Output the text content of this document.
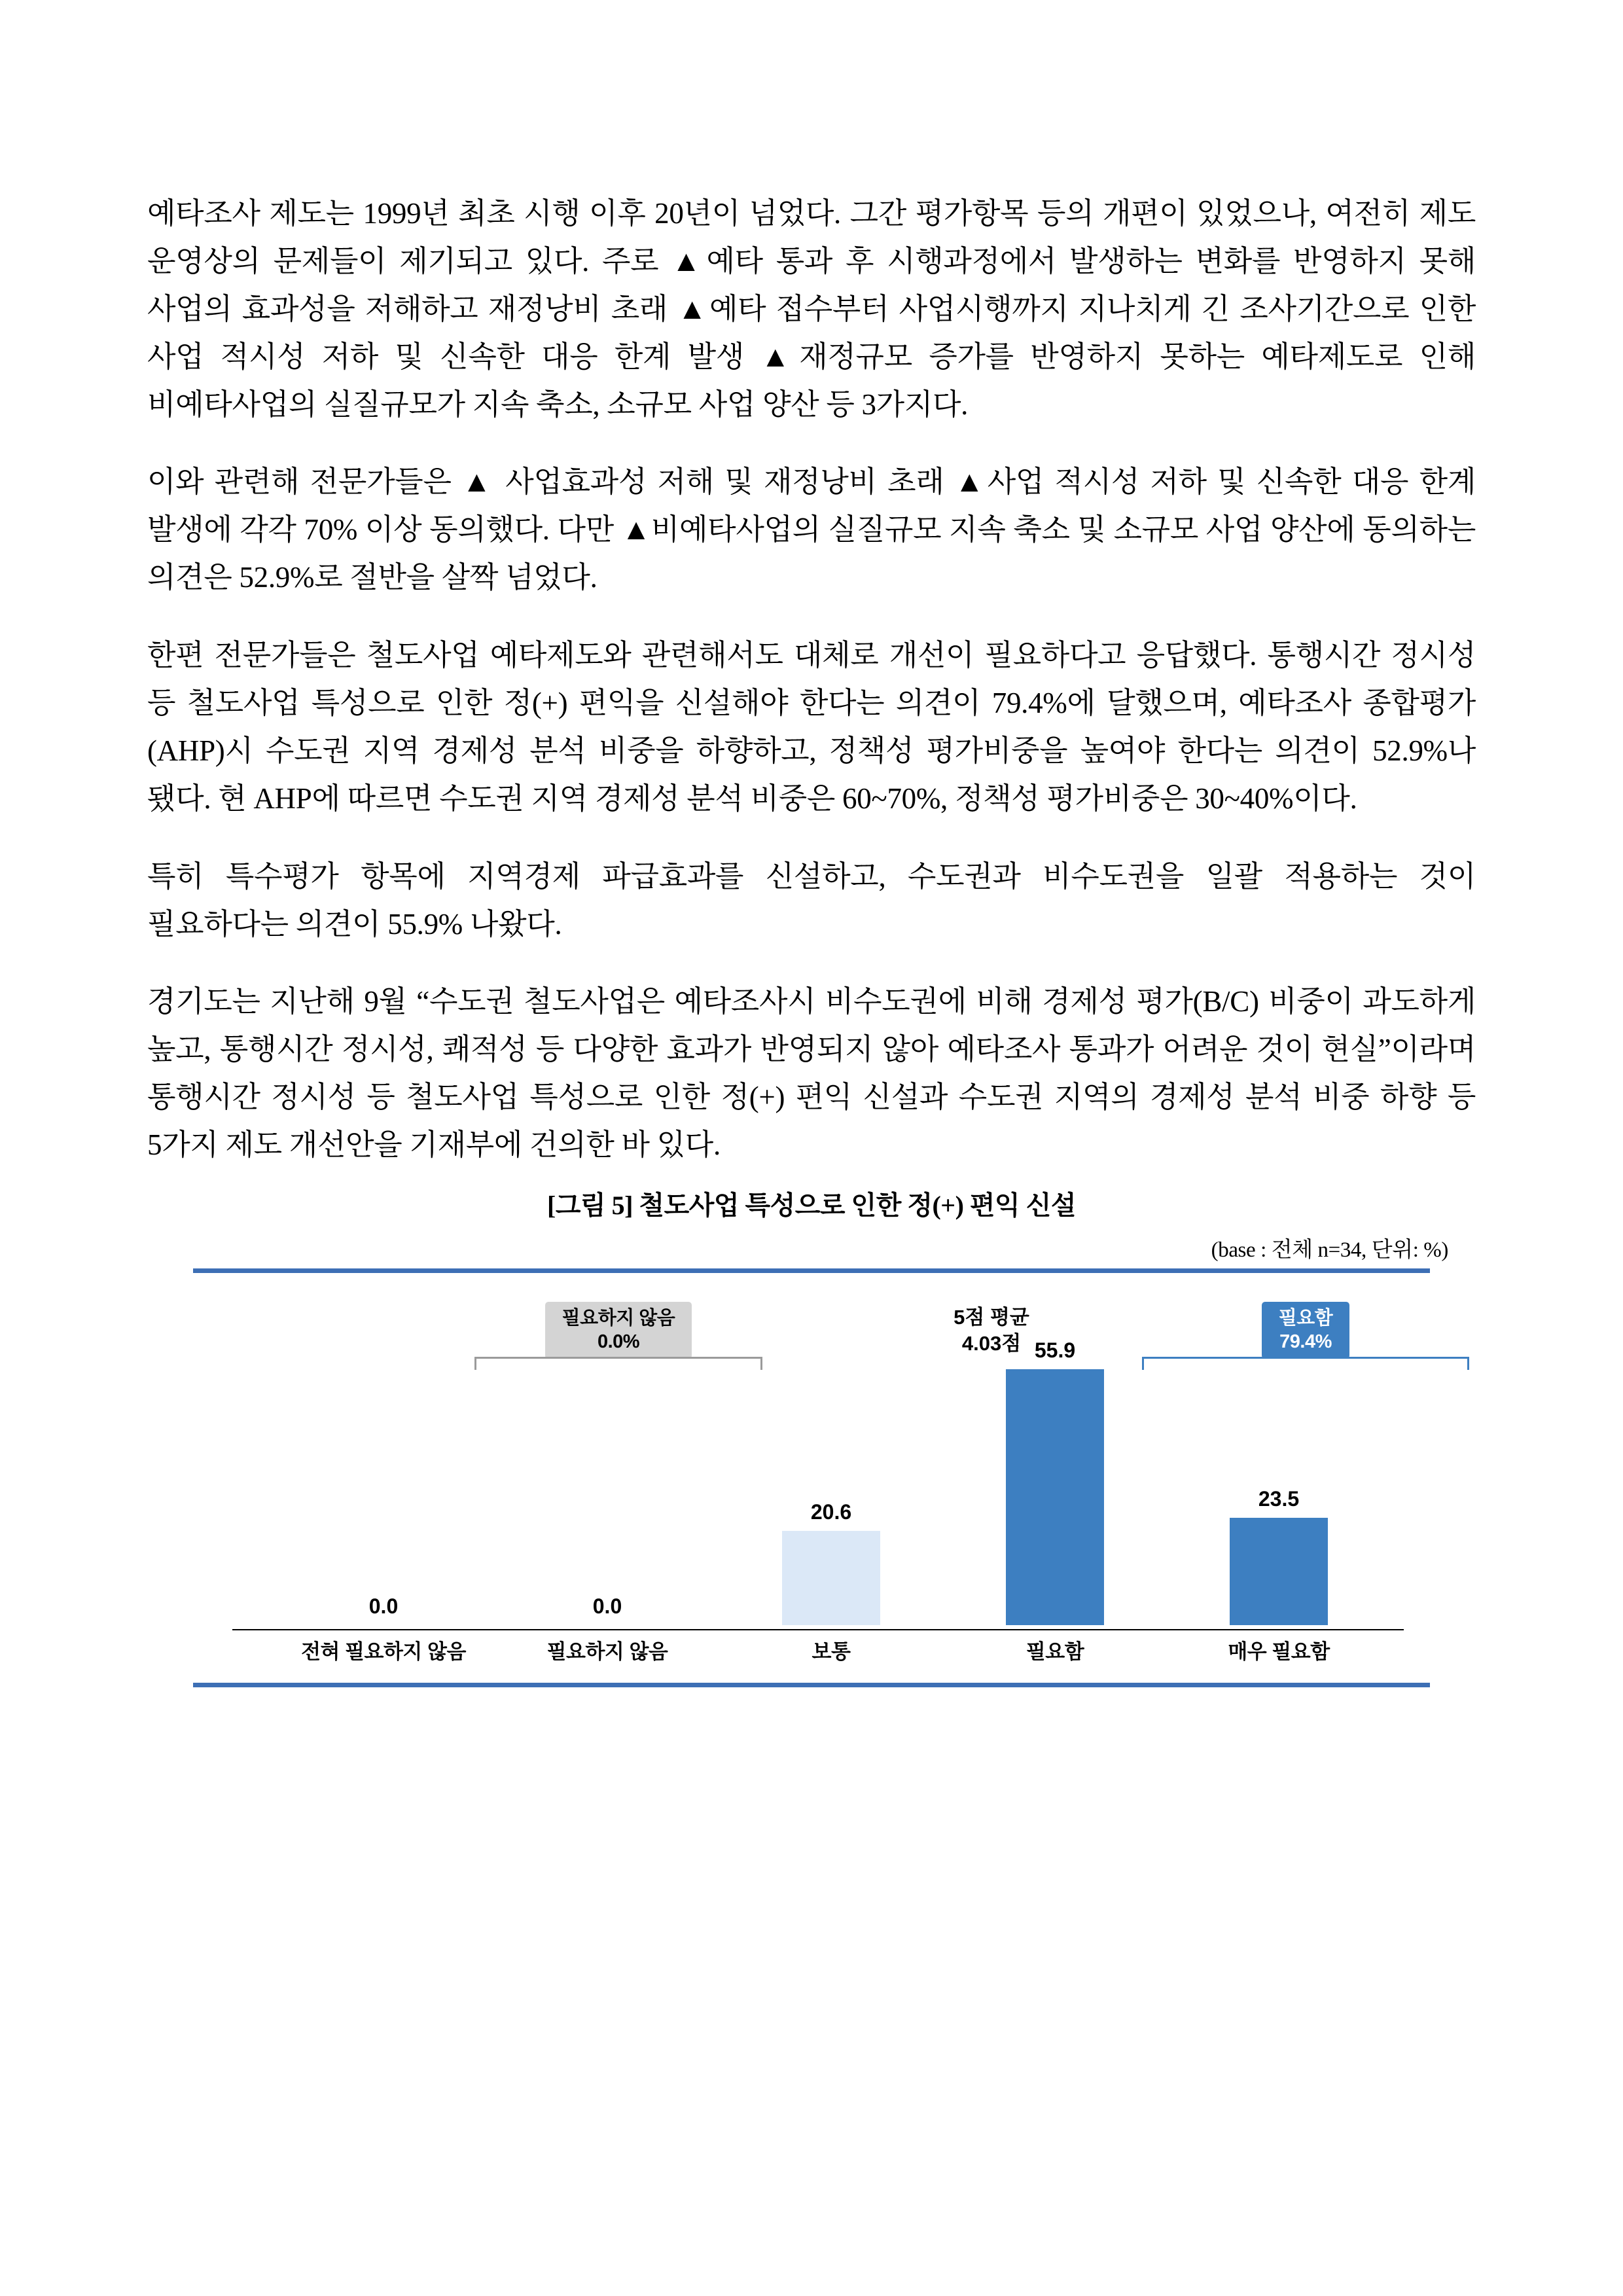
예타조사 제도는 1999년 최초 시행 이후 20년이 넘었다. 그간 평가항목 등의 개편이 있었으나, 여전히 제도 운영상의 문제들이 제기되고 있다. 주로 ▲예타 통과 후 시행과정에서 발생하는 변화를 반영하지 못해 사업의 효과성을 저해하고 재정낭비 초래 ▲예타 접수부터 사업시행까지 지나치게 긴 조사기간으로 인한 사업 적시성 저하 및 신속한 대응 한계 발생 ▲재정규모 증가를 반영하지 못하는 예타제도로 인해 비예타사업의 실질규모가 지속 축소, 소규모 사업 양산 등 3가지다.

이와 관련해 전문가들은 ▲ 사업효과성 저해 및 재정낭비 초래 ▲사업 적시성 저하 및 신속한 대응 한계 발생에 각각 70% 이상 동의했다. 다만 ▲비예타사업의 실질규모 지속 축소 및 소규모 사업 양산에 동의하는 의견은 52.9%로 절반을 살짝 넘었다.

한편 전문가들은 철도사업 예타제도와 관련해서도 대체로 개선이 필요하다고 응답했다. 통행시간 정시성 등 철도사업 특성으로 인한 정(+) 편익을 신설해야 한다는 의견이 79.4%에 달했으며, 예타조사 종합평가(AHP)시 수도권 지역 경제성 분석 비중을 하향하고, 정책성 평가비중을 높여야 한다는 의견이 52.9%나 됐다. 현 AHP에 따르면 수도권 지역 경제성 분석 비중은 60~70%, 정책성 평가비중은 30~40%이다.

특히 특수평가 항목에 지역경제 파급효과를 신설하고, 수도권과 비수도권을 일괄 적용하는 것이 필요하다는 의견이 55.9% 나왔다.

경기도는 지난해 9월 “수도권 철도사업은 예타조사시 비수도권에 비해 경제성 평가(B/C) 비중이 과도하게 높고, 통행시간 정시성, 쾌적성 등 다양한 효과가 반영되지 않아 예타조사 통과가 어려운 것이 현실”이라며 통행시간 정시성 등 철도사업 특성으로 인한 정(+) 편익 신설과 수도권 지역의 경제성 분석 비중 하향 등 5가지 제도 개선안을 기재부에 건의한 바 있다.

[그림 5] 철도사업 특성으로 인한 정(+) 편익 신설
(base : 전체 n=34, 단위: %)
필요하지 않음
0.0%
5점 평균
4.03점
필요함
79.4%
0.0
전혀 필요하지 않음
0.0
필요하지 않음
20.6
보통
55.9
필요함
23.5
매우 필요함
